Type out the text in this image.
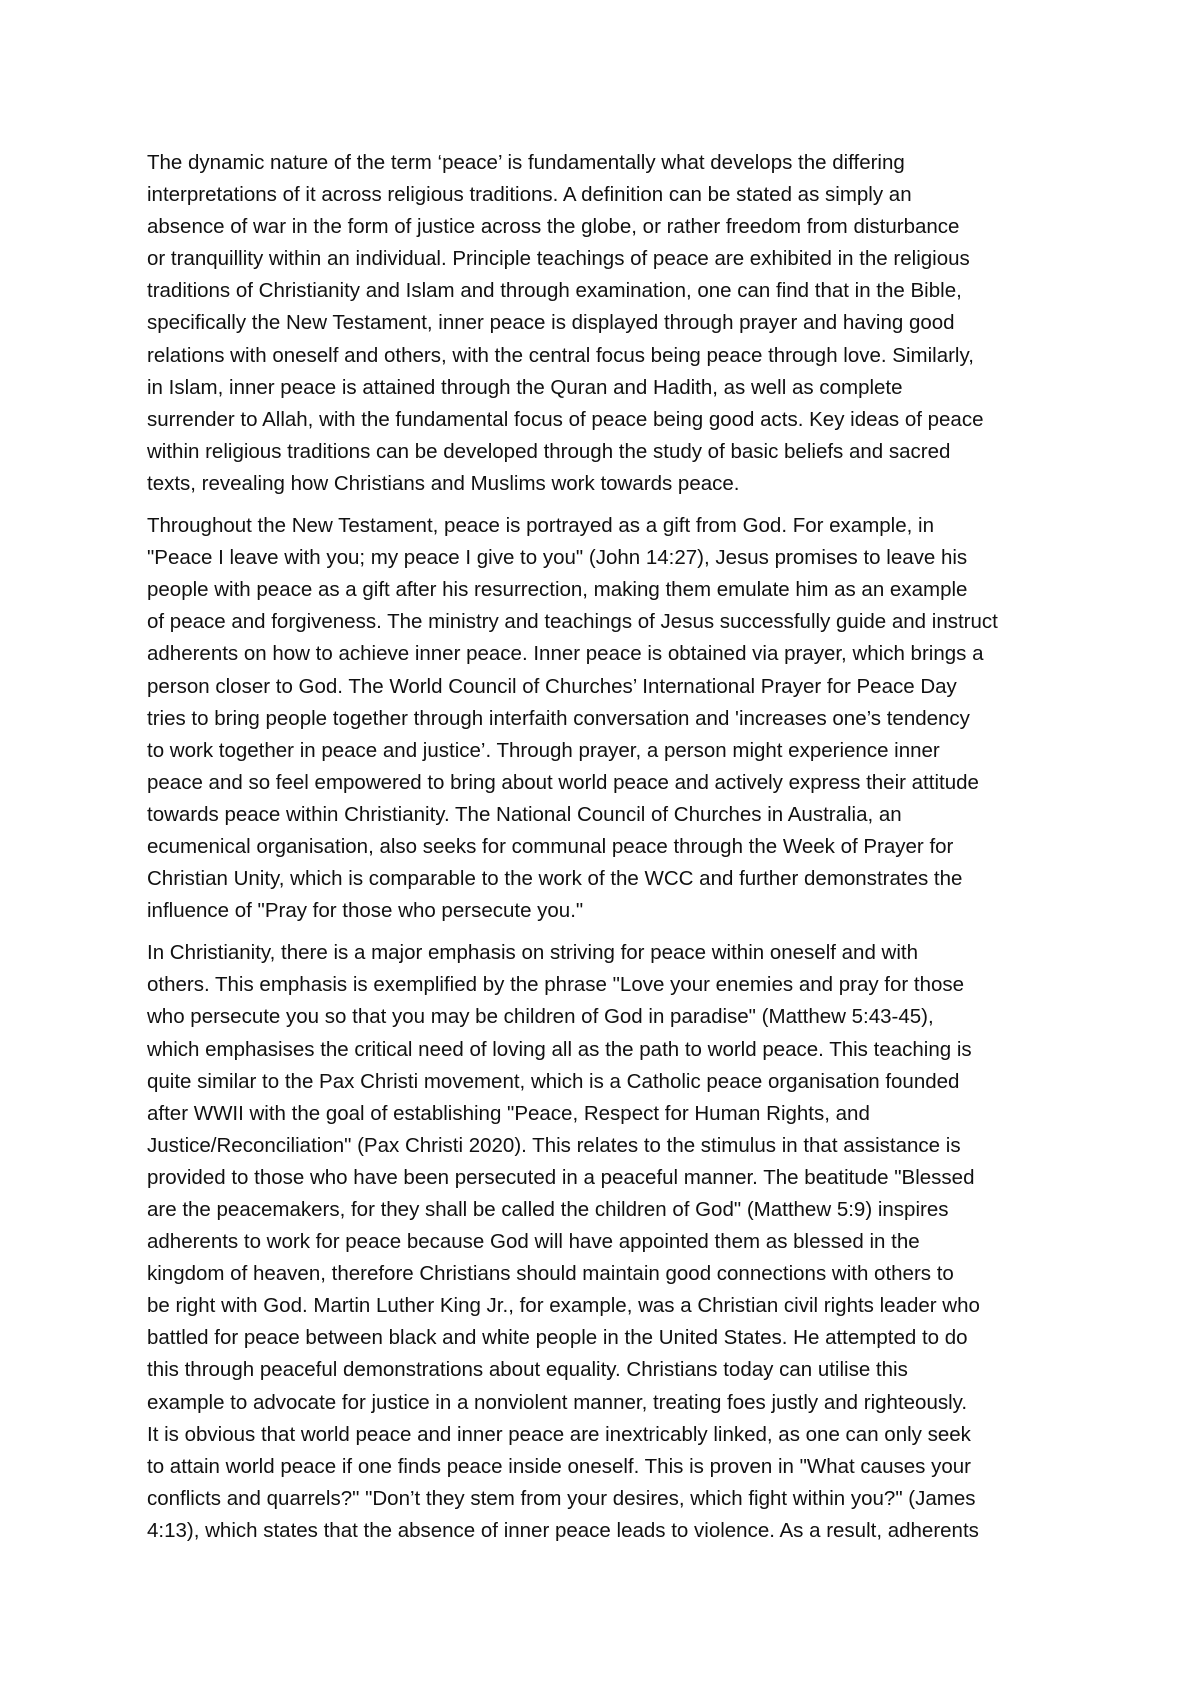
The dynamic nature of the term ‘peace’ is fundamentally what develops the differing
interpretations of it across religious traditions. A definition can be stated as simply an
absence of war in the form of justice across the globe, or rather freedom from disturbance
or tranquillity within an individual. Principle teachings of peace are exhibited in the religious
traditions of Christianity and Islam and through examination, one can find that in the Bible,
specifically the New Testament, inner peace is displayed through prayer and having good
relations with oneself and others, with the central focus being peace through love. Similarly,
in Islam, inner peace is attained through the Quran and Hadith, as well as complete
surrender to Allah, with the fundamental focus of peace being good acts. Key ideas of peace
within religious traditions can be developed through the study of basic beliefs and sacred
texts, revealing how Christians and Muslims work towards peace.
Throughout the New Testament, peace is portrayed as a gift from God. For example, in
"Peace I leave with you; my peace I give to you" (John 14:27), Jesus promises to leave his
people with peace as a gift after his resurrection, making them emulate him as an example
of peace and forgiveness. The ministry and teachings of Jesus successfully guide and instruct
adherents on how to achieve inner peace. Inner peace is obtained via prayer, which brings a
person closer to God. The World Council of Churches’ International Prayer for Peace Day
tries to bring people together through interfaith conversation and 'increases one’s tendency
to work together in peace and justice’. Through prayer, a person might experience inner
peace and so feel empowered to bring about world peace and actively express their attitude
towards peace within Christianity. The National Council of Churches in Australia, an
ecumenical organisation, also seeks for communal peace through the Week of Prayer for
Christian Unity, which is comparable to the work of the WCC and further demonstrates the
influence of "Pray for those who persecute you."
In Christianity, there is a major emphasis on striving for peace within oneself and with
others. This emphasis is exemplified by the phrase "Love your enemies and pray for those
who persecute you so that you may be children of God in paradise" (Matthew 5:43-45),
which emphasises the critical need of loving all as the path to world peace. This teaching is
quite similar to the Pax Christi movement, which is a Catholic peace organisation founded
after WWII with the goal of establishing "Peace, Respect for Human Rights, and
Justice/Reconciliation" (Pax Christi 2020). This relates to the stimulus in that assistance is
provided to those who have been persecuted in a peaceful manner. The beatitude "Blessed
are the peacemakers, for they shall be called the children of God" (Matthew 5:9) inspires
adherents to work for peace because God will have appointed them as blessed in the
kingdom of heaven, therefore Christians should maintain good connections with others to
be right with God. Martin Luther King Jr., for example, was a Christian civil rights leader who
battled for peace between black and white people in the United States. He attempted to do
this through peaceful demonstrations about equality. Christians today can utilise this
example to advocate for justice in a nonviolent manner, treating foes justly and righteously.
It is obvious that world peace and inner peace are inextricably linked, as one can only seek
to attain world peace if one finds peace inside oneself. This is proven in "What causes your
conflicts and quarrels?" "Don’t they stem from your desires, which fight within you?" (James
4:13), which states that the absence of inner peace leads to violence. As a result, adherents
